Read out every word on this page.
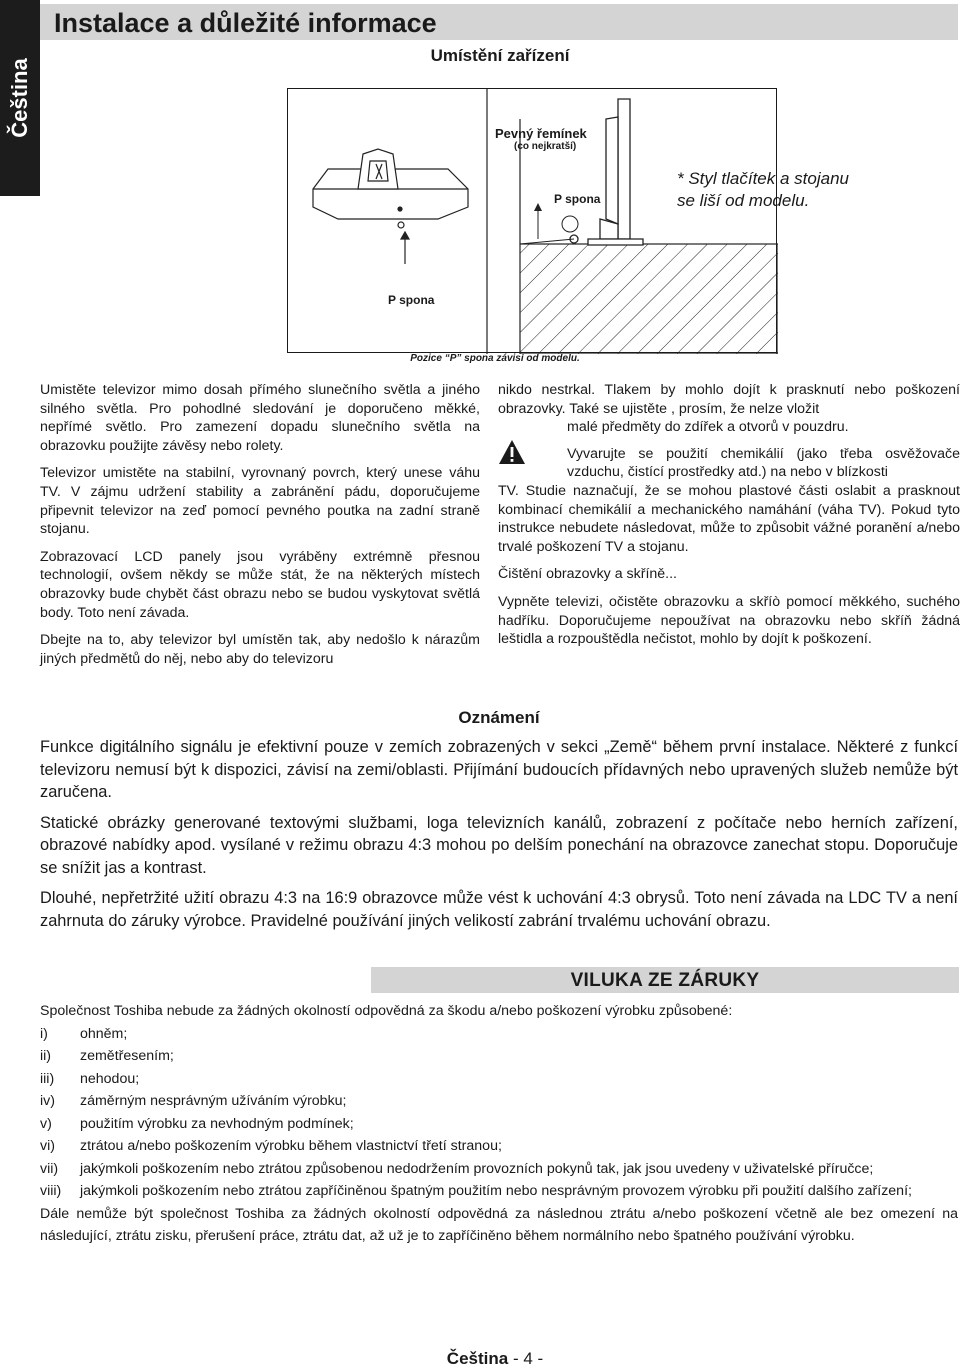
Čeština
Instalace a důležité informace
Umístění zařízení
Pevný řemínek
(co nejkratší)
P spona
P spona
* Styl tlačítek a stojanu
se liší od modelu.
Pozice “P” spona závisí od modelu.

Umistěte televizor mimo dosah přímého slunečního světla a jiného silného světla. Pro pohodlné sledování je doporučeno měkké, nepřímé světlo. Pro zamezení dopadu slunečního světla na obrazovku použijte závěsy nebo rolety.

Televizor umistěte na stabilní, vyrovnaný povrch, který unese váhu TV. V zájmu udržení stability a zabránění pádu, doporučujeme připevnit televizor na zeď pomocí pevného poutka na zadní straně stojanu.

Zobrazovací LCD panely jsou vyráběny extrémně přesnou technologií, ovšem někdy se může stát, že na některých místech obrazovky bude chybět část obrazu nebo se budou vyskytovat světlá body. Toto není závada.

Dbejte na to, aby televizor byl umístěn tak, aby nedošlo k nárazům jiných předmětů do něj, nebo aby do televizoru

nikdo nestrkal. Tlakem by mohlo dojít k prasknutí nebo poškození obrazovky. Také se ujistěte , prosím, že nelze vložit

malé předměty do zdířek a otvorů v pouzdru.
Vyvarujte se použití chemikálií (jako třeba osvěžovače vzduchu, čistící prostředky atd.) na nebo v blízkosti

TV. Studie naznačují, že se mohou plastové části oslabit a prasknout kombinací chemikálií a mechanického namáhání (váha TV). Pokud tyto instrukce nebudete následovat, může to způsobit vážné poranění a/nebo trvalé poškození TV a stojanu.

Čištění obrazovky a skříně...

Vypněte televizi, očistěte obrazovku a skříò pomocí měkkého, suchého hadříku. Doporučujeme nepoužívat na obrazovku nebo skříň žádná leštidla a rozpouštědla nečistot, mohlo by dojít k poškození.

Oznámení

Funkce digitálního signálu je efektivní pouze v zemích zobrazených v sekci „Země“ během první instalace. Některé z funkcí televizoru nemusí být k dispozici, závisí na zemi/oblasti. Přijímání budoucích přídavných nebo upravených služeb nemůže být zaručena.

Statické obrázky generované textovými službami, loga televizních kanálů, zobrazení z počítače nebo herních zařízení, obrazové nabídky apod. vysílané v režimu obrazu 4:3 mohou po delším ponechání na obrazovce zanechat stopu. Doporučuje se snížit jas a kontrast.

Dlouhé, nepřetržité užití obrazu 4:3 na 16:9 obrazovce může vést k uchování 4:3 obrysů. Toto není závada na LDC TV a není zahrnuta do záruky výrobce. Pravidelné používání jiných velikostí zabrání trvalému uchování obrazu.

VILUKA ZE ZÁRUKY
Společnost Toshiba nebude za žádných okolností odpovědná za škodu a/nebo poškození výrobku způsobené:
i) ohněm;
ii) zemětřesením;
iii) nehodou;
iv) záměrným nesprávným užíváním výrobku;
v) použitím výrobku za nevhodným podmínek;
vi) ztrátou a/nebo poškozením výrobku během vlastnictví třetí stranou;
vii) jakýmkoli poškozením nebo ztrátou způsobenou nedodržením provozních pokynů tak, jak jsou uvedeny v uživatelské příručce;
viii) jakýmkoli poškozením nebo ztrátou zapříčiněnou špatným použitím nebo nesprávným provozem výrobku při použití dalšího zařízení;
Dále nemůže být společnost Toshiba za žádných okolností odpovědná za následnou ztrátu a/nebo poškození včetně ale bez omezení na následující, ztrátu zisku, přerušení práce, ztrátu dat, až už je to zapříčiněno během normálního nebo špatného používání výrobku.
Čeština - 4 -
